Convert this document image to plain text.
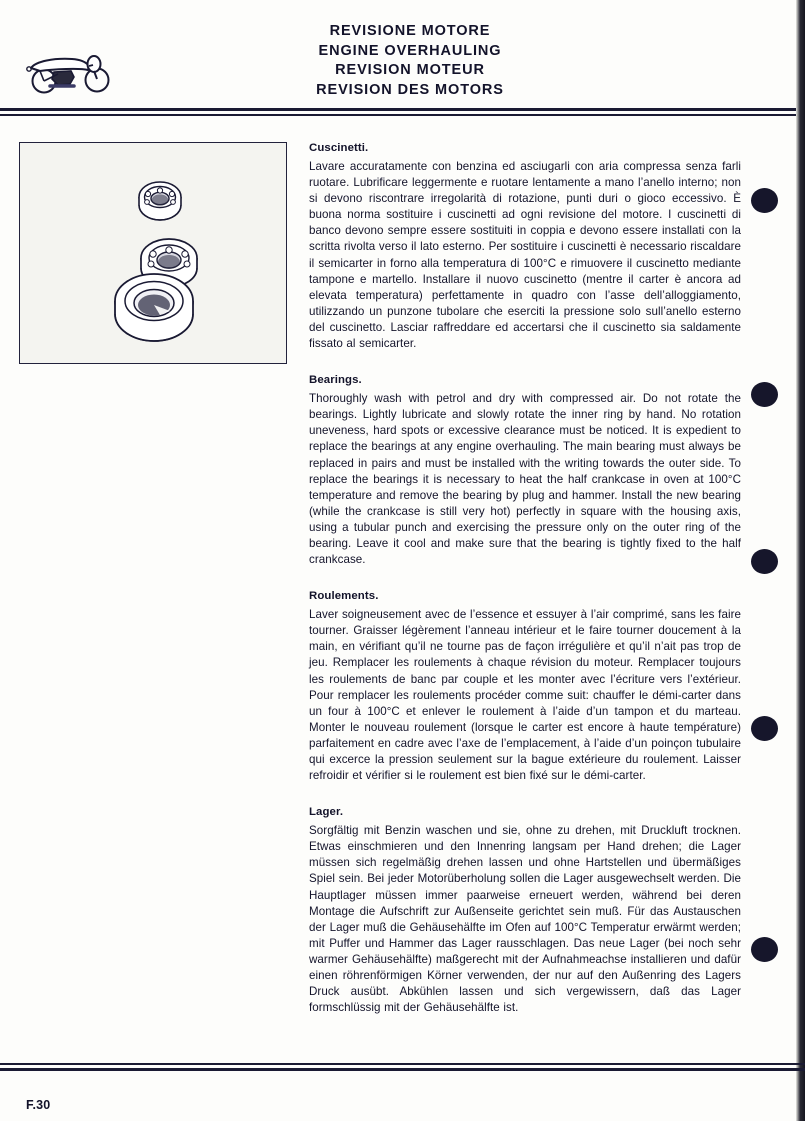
REVISIONE MOTORE
ENGINE OVERHAULING
REVISION MOTEUR
REVISION DES MOTORS
Cuscinetti.

Lavare accuratamente con benzina ed asciugarli con aria compressa senza farli ruotare. Lubrificare leggermente e ruotare lentamente a mano l’anello interno; non si devono riscontrare irregolarità di rotazione, punti duri o gioco eccessivo. È buona norma sostituire i cuscinetti ad ogni revisione del motore. I cuscinetti di banco devono sempre essere sostituiti in coppia e devono essere installati con la scritta rivolta verso il lato esterno. Per sostituire i cuscinetti è necessario riscaldare il semicarter in forno alla temperatura di 100°C e rimuovere il cuscinetto mediante tampone e martello. Installare il nuovo cuscinetto (mentre il carter è ancora ad elevata temperatura) perfettamente in quadro con l’asse dell’alloggiamento, utilizzando un punzone tubolare che eserciti la pressione solo sull’anello esterno del cuscinetto. Lasciar raffreddare ed accertarsi che il cuscinetto sia saldamente fissato al semicarter.

Bearings.

Thoroughly wash with petrol and dry with compressed air. Do not rotate the bearings. Lightly lubricate and slowly rotate the inner ring by hand. No rotation uneveness, hard spots or excessive clearance must be noticed. It is expedient to replace the bearings at any engine overhauling. The main bearing must always be replaced in pairs and must be installed with the writing towards the outer side. To replace the bearings it is necessary to heat the half crankcase in oven at 100°C temperature and remove the bearing by plug and hammer. Install the new bearing (while the crankcase is still very hot) perfectly in square with the housing axis, using a tubular punch and exercising the pressure only on the outer ring of the bearing. Leave it cool and make sure that the bearing is tightly fixed to the half crankcase.

Roulements.

Laver soigneusement avec de l’essence et essuyer à l’air comprimé, sans les faire tourner. Graisser légèrement l’anneau intérieur et le faire tourner doucement à la main, en vérifiant qu’il ne tourne pas de façon irrégulière et qu’il n’ait pas trop de jeu. Remplacer les roulements à chaque révision du moteur. Remplacer toujours les roulements de banc par couple et les monter avec l’écriture vers l’extérieur. Pour remplacer les roulements procéder comme suit: chauffer le démi-carter dans un four à 100°C et enlever le roulement à l’aide d’un tampon et du marteau. Monter le nouveau roulement (lorsque le carter est encore à haute température) parfaitement en cadre avec l’axe de l’emplacement, à l’aide d’un poinçon tubulaire qui excerce la pression seulement sur la bague extérieure du roulement. Laisser refroidir et vérifier si le roulement est bien fixé sur le démi-carter.

Lager.

Sorgfältig mit Benzin waschen und sie, ohne zu drehen, mit Druckluft trocknen. Etwas einschmieren und den Innenring langsam per Hand drehen; die Lager müssen sich regelmäßig drehen lassen und ohne Hartstellen und übermäßiges Spiel sein. Bei jeder Motorüberholung sollen die Lager ausgewechselt werden. Die Hauptlager müssen immer paarweise erneuert werden, während bei deren Montage die Aufschrift zur Außenseite gerichtet sein muß. Für das Austauschen der Lager muß die Gehäusehälfte im Ofen auf 100°C Temperatur erwärmt werden; mit Puffer und Hammer das Lager rausschlagen. Das neue Lager (bei noch sehr warmer Gehäusehälfte) maßgerecht mit der Aufnahmeachse installieren und dafür einen röhrenförmigen Körner verwenden, der nur auf den Außenring des Lagers Druck ausübt. Abkühlen lassen und sich vergewissern, daß das Lager formschlüssig mit der Gehäusehälfte ist.

F.30
